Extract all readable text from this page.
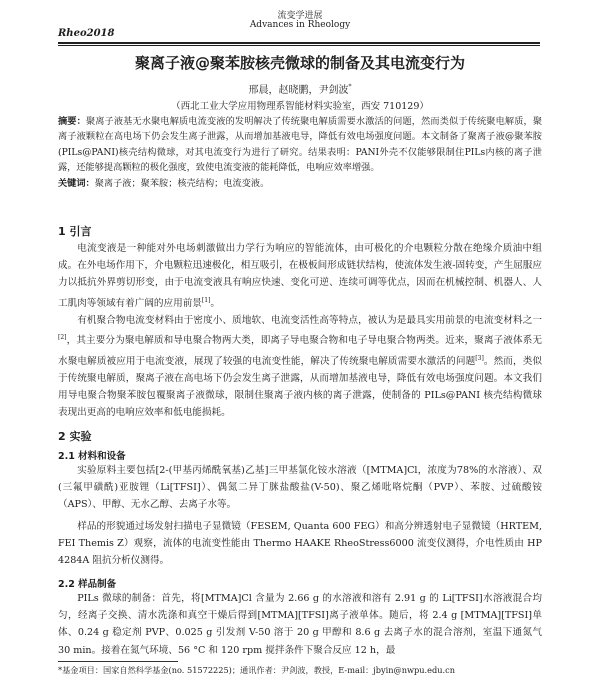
流变学进展
Advances in Rheology
Rheo2018
聚离子液@聚苯胺核壳微球的制备及其电流变行为
邢晨，赵晓鹏，尹剑波*
（西北工业大学应用物理系智能材料实验室，西安 710129）

摘要：聚离子液基无水聚电解质电流变液的发明解决了传统聚电解质需要水激活的问题，然而类似于传统聚电解质，聚离子液颗粒在高电场下仍会发生离子泄露，从而增加基液电导，降低有效电场强度问题。本文制备了聚离子液@聚苯胺(PILs@PANI)核壳结构微球，对其电流变行为进行了研究。结果表明：PANI外壳不仅能够限制住PILs内核的离子泄露，还能够提高颗粒的极化强度，致使电流变液的能耗降低，电响应效率增强。

关键词：聚离子液；聚苯胺；核壳结构；电流变液。

1 引言

电流变液是一种能对外电场刺激做出力学行为响应的智能流体，由可极化的介电颗粒分散在绝缘介质油中组成。在外电场作用下，介电颗粒迅速极化，相互吸引，在极板间形成链状结构，使流体发生液-固转变，产生屈服应力以抵抗外界剪切形变，由于电流变液具有响应快速、变化可逆、连续可调等优点，因而在机械控制、机器人、人工肌肉等领域有着广阔的应用前景[1]。

有机聚合物电流变材料由于密度小、质地软、电流变活性高等特点，被认为是最具实用前景的电流变材料之一[2]，其主要分为聚电解质和导电聚合物两大类，即离子导电聚合物和电子导电聚合物两类。近来，聚离子液体系无水聚电解质被应用于电流变液，展现了较强的电流变性能，解决了传统聚电解质需要水激活的问题[3]。然而，类似于传统聚电解质，聚离子液在高电场下仍会发生离子泄露，从而增加基液电导，降低有效电场强度问题。本文我们用导电聚合物聚苯胺包覆聚离子液微球，限制住聚离子液内核的离子泄露，使制备的 PILs@PANI 核壳结构微球表现出更高的电响应效率和低电能损耗。

2 实验
2.1 材料和设备

实验原料主要包括[2-(甲基丙烯酰氧基)乙基]三甲基氯化铵水溶液（[MTMA]Cl，浓度为78%的水溶液）、双(三氟甲磺酰)亚胺锂（Li[TFSI]）、偶氮二异丁脒盐酸盐(V-50)、聚乙烯吡咯烷酮（PVP）、苯胺、过硫酸铵（APS）、甲醇、无水乙醇、去离子水等。

样品的形貌通过场发射扫描电子显微镜（FESEM, Quanta 600 FEG）和高分辨透射电子显微镜（HRTEM, FEI Themis Z）观察，流体的电流变性能由 Thermo HAAKE RheoStress6000 流变仪测得，介电性质由 HP 4284A 阻抗分析仪测得。

2.2 样品制备

PILs 微球的制备：首先，将[MTMA]Cl 含量为 2.66 g 的水溶液和溶有 2.91 g 的 Li[TFSI]水溶液混合均匀，经离子交换、清水洗涤和真空干燥后得到[MTMA][TFSI]离子液单体。随后，将 2.4 g [MTMA][TFSI]单体、0.24 g 稳定剂 PVP、0.025 g 引发剂 V-50 溶于 20 g 甲醇和 8.6 g 去离子水的混合溶剂，室温下通氮气 30 min。接着在氮气环境、56 °C 和 120 rpm 搅拌条件下聚合反应 12 h，最

*基金项目：国家自然科学基金(no. 51572225)；通讯作者：尹剑波，教授，E-mail：jbyin@nwpu.edu.cn
